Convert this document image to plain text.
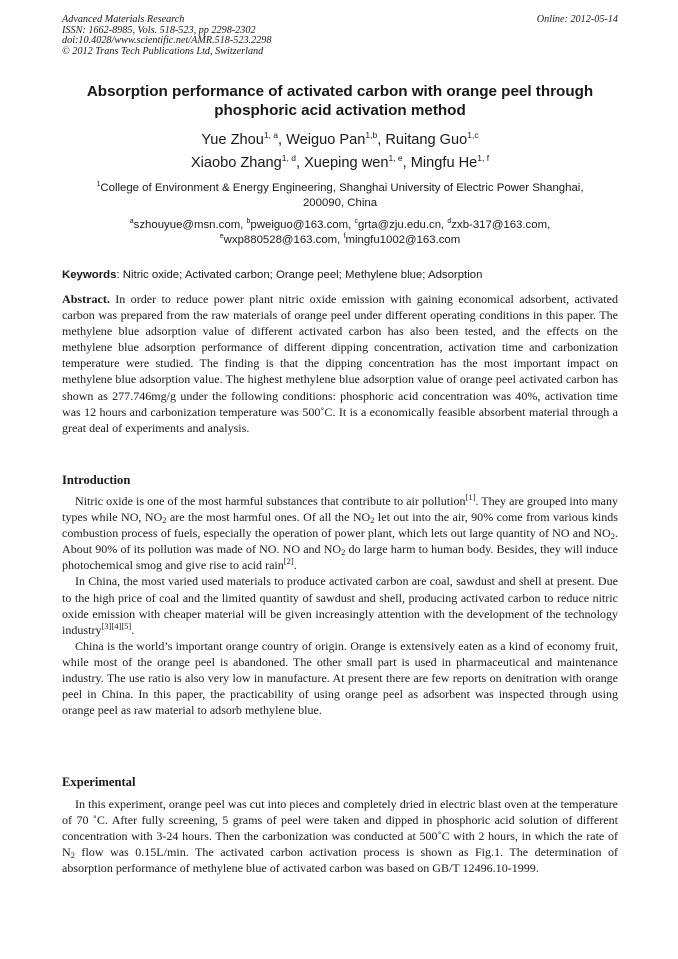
Advanced Materials Research
ISSN: 1662-8985, Vols. 518-523, pp 2298-2302
doi:10.4028/www.scientific.net/AMR.518-523.2298
© 2012 Trans Tech Publications Ltd, Switzerland
Online: 2012-05-14
Absorption performance of activated carbon with orange peel through
phosphoric acid activation method
Yue Zhou$^{1, a}$, Weiguo Pan$^{1,b}$, Ruitang Guo$^{1,c}$
Xiaobo Zhang$^{1, d}$, Xueping wen$^{1, e}$, Mingfu He$^{1, f}$
$^1$College of Environment & Energy Engineering, Shanghai University of Electric Power Shanghai,
200090, China
$^a$szhouyue@msn.com, $^b$pweiguo@163.com, $^c$grta@zju.edu.cn, $^d$zxb-317@163.com,
$^e$wxp880528@163.com, $^f$mingfu1002@163.com
Keywords: Nitric oxide; Activated carbon; Orange peel; Methylene blue; Adsorption
Abstract. In order to reduce power plant nitric oxide emission with gaining economical adsorbent, activated carbon was prepared from the raw materials of orange peel under different operating conditions in this paper. The methylene blue adsorption value of different activated carbon has also been tested, and the effects on the methylene blue adsorption performance of different dipping concentration, activation time and carbonization temperature were studied. The finding is that the dipping concentration has the most important impact on methylene blue adsorption value. The highest methylene blue adsorption value of orange peel activated carbon has shown as 277.746mg/g under the following conditions: phosphoric acid concentration was 40%, activation time was 12 hours and carbonization temperature was 500˚C. It is a economically feasible absorbent material through a great deal of experiments and analysis.
Introduction

Nitric oxide is one of the most harmful substances that contribute to air pollution[1]. They are grouped into many types while NO, $NO_2$ are the most harmful ones. Of all the $NO_2$ let out into the air, 90% come from various kinds combustion process of fuels, especially the operation of power plant, which lets out large quantity of NO and $NO_2$. About 90% of its pollution was made of NO. NO and $NO_2$ do large harm to human body. Besides, they will induce photochemical smog and give rise to acid rain[2].

In China, the most varied used materials to produce activated carbon are coal, sawdust and shell at present. Due to the high price of coal and the limited quantity of sawdust and shell, producing activated carbon to reduce nitric oxide emission with cheaper material will be given increasingly attention with the development of the technology industry[3][4][5].

China is the world’s important orange country of origin. Orange is extensively eaten as a kind of economy fruit, while most of the orange peel is abandoned. The other small part is used in pharmaceutical and maintenance industry. The use ratio is also very low in manufacture. At present there are few reports on denitration with orange peel in China. In this paper, the practicability of using orange peel as adsorbent was inspected through using orange peel as raw material to adsorb methylene blue.

Experimental

In this experiment, orange peel was cut into pieces and completely dried in electric blast oven at the temperature of 70 ˚C. After fully screening, 5 grams of peel were taken and dipped in phosphoric acid solution of different concentration with 3-24 hours. Then the carbonization was conducted at 500˚C with 2 hours, in which the rate of $N_2$ flow was 0.15L/min. The activated carbon activation process is shown as Fig.1. The determination of absorption performance of methylene blue of activated carbon was based on GB/T 12496.10-1999.
